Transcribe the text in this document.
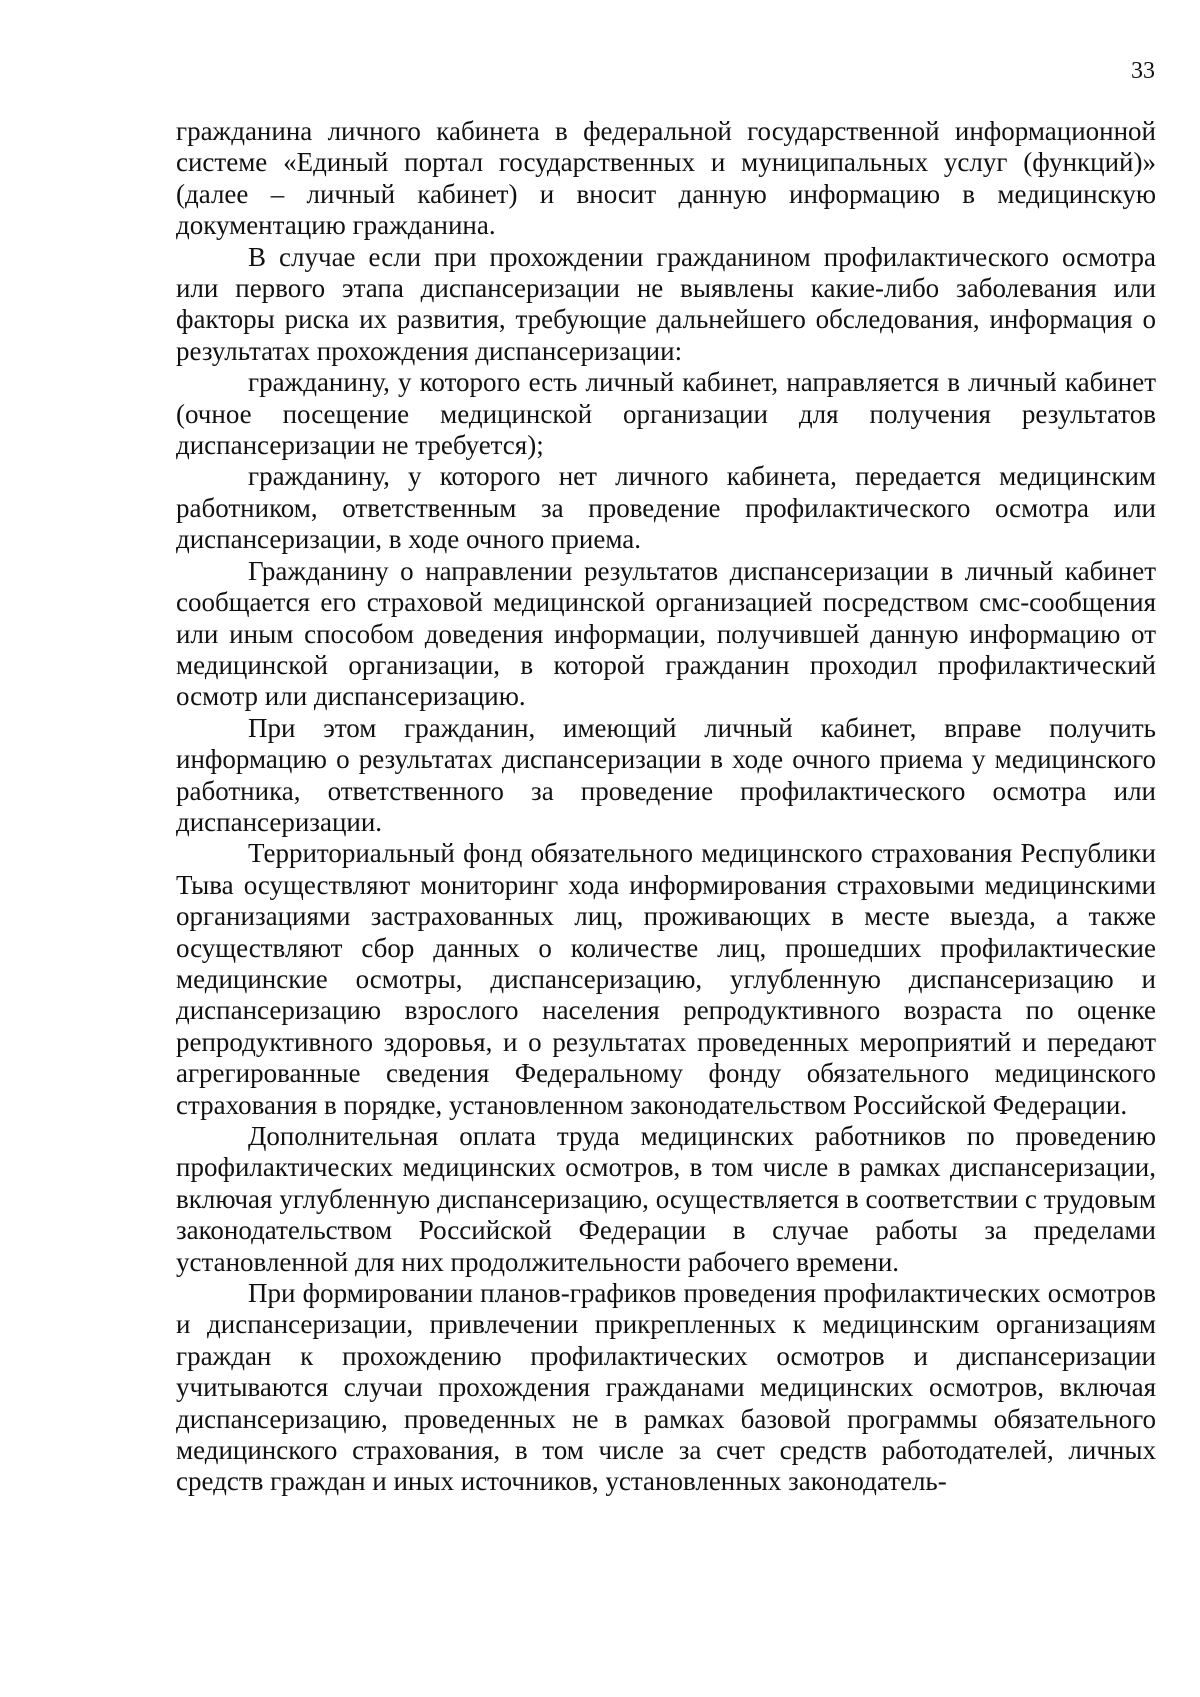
33

гражданина личного кабинета в федеральной государственной информационной системе «Единый портал государственных и муниципальных услуг (функций)» (далее – личный кабинет) и вносит данную информацию в медицинскую документацию гражданина.

В случае если при прохождении гражданином профилактического осмотра или первого этапа диспансеризации не выявлены какие-либо заболевания или факторы риска их развития, требующие дальнейшего обследования, информация о результатах прохождения диспансеризации:

гражданину, у которого есть личный кабинет, направляется в личный кабинет (очное посещение медицинской организации для получения результатов диспансеризации не требуется);

гражданину, у которого нет личного кабинета, передается медицинским работником, ответственным за проведение профилактического осмотра или диспансеризации, в ходе очного приема.

Гражданину о направлении результатов диспансеризации в личный кабинет сообщается его страховой медицинской организацией посредством смс-сообщения или иным способом доведения информации, получившей данную информацию от медицинской организации, в которой гражданин проходил профилактический осмотр или диспансеризацию.

При этом гражданин, имеющий личный кабинет, вправе получить информацию о результатах диспансеризации в ходе очного приема у медицинского работника, ответственного за проведение профилактического осмотра или диспансеризации.

Территориальный фонд обязательного медицинского страхования Республики Тыва осуществляют мониторинг хода информирования страховыми медицинскими организациями застрахованных лиц, проживающих в месте выезда, а также осуществляют сбор данных о количестве лиц, прошедших профилактические медицинские осмотры, диспансеризацию, углубленную диспансеризацию и диспансеризацию взрослого населения репродуктивного возраста по оценке репродуктивного здоровья, и о результатах проведенных мероприятий и передают агрегированные сведения Федеральному фонду обязательного медицинского страхования в порядке, установленном законодательством Российской Федерации.

Дополнительная оплата труда медицинских работников по проведению профилактических медицинских осмотров, в том числе в рамках диспансеризации, включая углубленную диспансеризацию, осуществляется в соответствии с трудовым законодательством Российской Федерации в случае работы за пределами установленной для них продолжительности рабочего времени.

При формировании планов-графиков проведения профилактических осмотров и диспансеризации, привлечении прикрепленных к медицинским организациям граждан к прохождению профилактических осмотров и диспансеризации учитываются случаи прохождения гражданами медицинских осмотров, включая диспансеризацию, проведенных не в рамках базовой программы обязательного медицинского страхования, в том числе за счет средств работодателей, личных средств граждан и иных источников, установленных законодатель-
